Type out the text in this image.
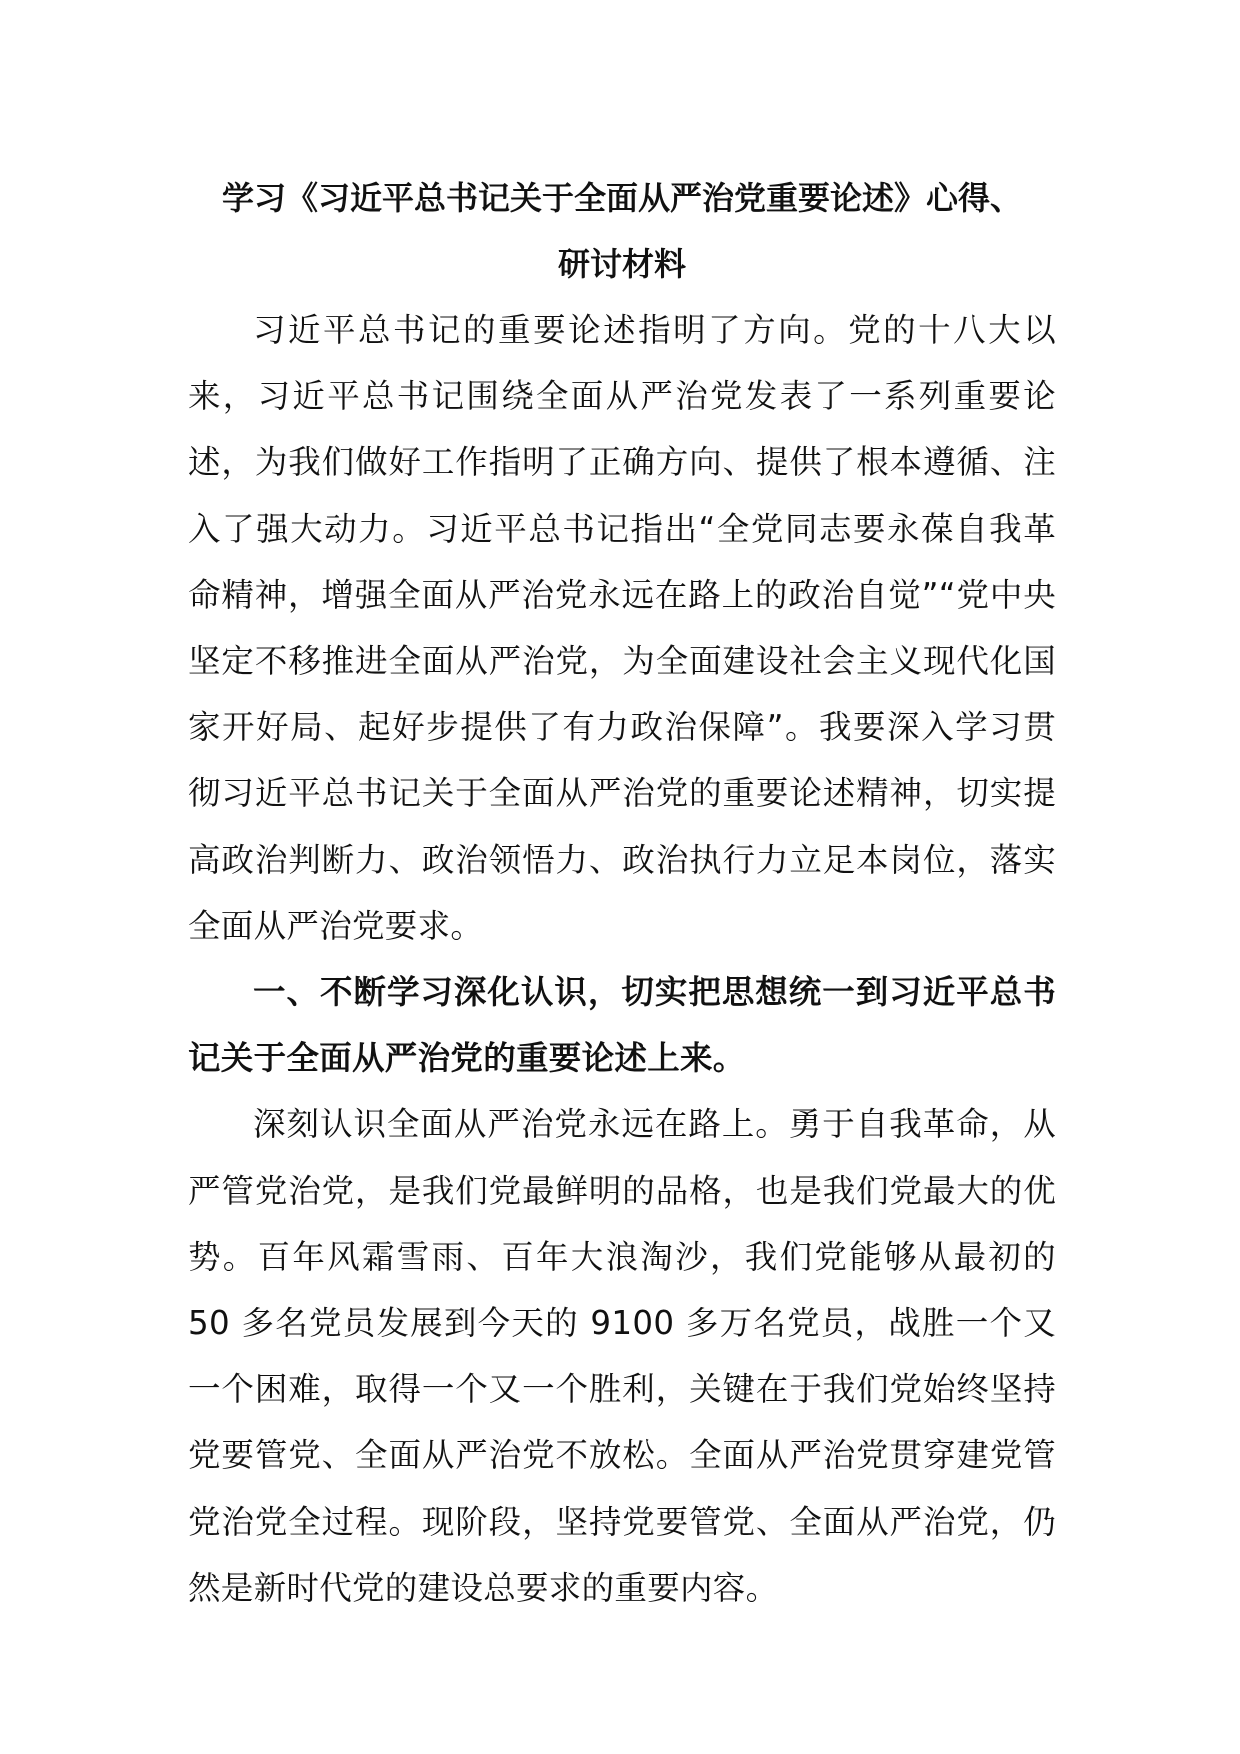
学习《习近平总书记关于全面从严治党重要论述》心得、
研讨材料

习近平总书记的重要论述指明了方向。党的十八大以来，习近平总书记围绕全面从严治党发表了一系列重要论述，为我们做好工作指明了正确方向、提供了根本遵循、注入了强大动力。习近平总书记指出“全党同志要永葆自我革命精神，增强全面从严治党永远在路上的政治自觉”“党中央坚定不移推进全面从严治党，为全面建设社会主义现代化国家开好局、起好步提供了有力政治保障”。我要深入学习贯彻习近平总书记关于全面从严治党的重要论述精神，切实提高政治判断力、政治领悟力、政治执行力立足本岗位，落实全面从严治党要求。

一、不断学习深化认识，切实把思想统一到习近平总书记关于全面从严治党的重要论述上来。

深刻认识全面从严治党永远在路上。勇于自我革命，从严管党治党，是我们党最鲜明的品格，也是我们党最大的优势。百年风霜雪雨、百年大浪淘沙，我们党能够从最初的 50 多名党员发展到今天的 9100 多万名党员，战胜一个又一个困难，取得一个又一个胜利，关键在于我们党始终坚持党要管党、全面从严治党不放松。全面从严治党贯穿建党管党治党全过程。现阶段，坚持党要管党、全面从严治党，仍然是新时代党的建设总要求的重要内容。
